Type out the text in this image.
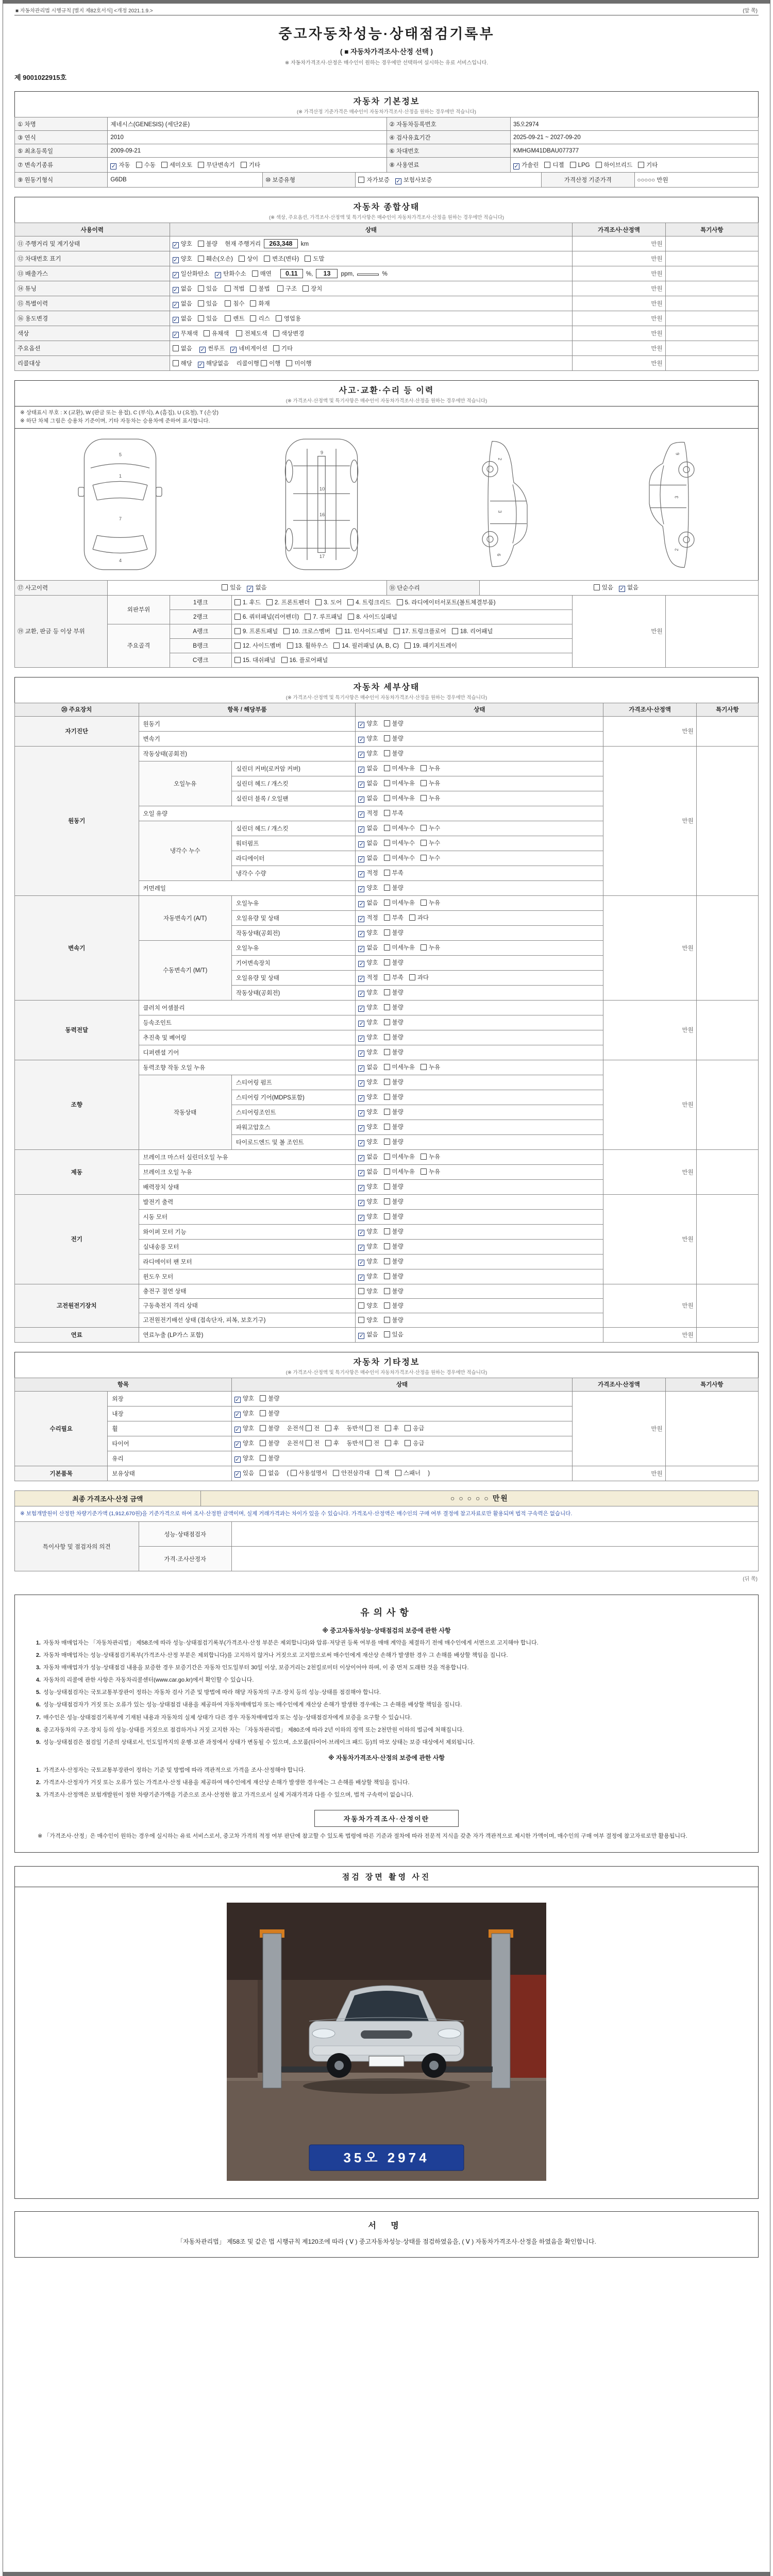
■ 자동차관리법 시행규칙 [별지 제82호서식] <개정 2021.1.9.>	(앞 쪽)
중고자동차성능·상태점검기록부
( ■ 자동차가격조사·산정 선택 )
※ 자동차가격조사·산정은 매수인이 원하는 경우에만 선택하여 실시하는 유료 서비스입니다.
제 9001022915호
자동차 기본정보
(※ 가격산정 기준가격은 매수인이 자동차가격조사·산정을 원하는 경우에만 적습니다)
① 차명	제네시스(GENESIS) (세단2륜)			② 자동차등록번호	35오2974		
③ 연식	2010			④ 검사유효기간	2025-09-21 ~ 2027-09-20		
⑤ 최초등록일	2009-09-21			⑥ 차대번호	KMHGM41DBAU077377		
⑦ 변속기종류	✓ 자동 수동 세미오토 무단변속기 기타			⑧ 사용연료	✓ 가솔린 디젤 LPG 하이브리드 기타		
⑨ 원동기형식	G6DB	⑩ 보증유형	자가보증 ✓ 보험사보증			가격산정 기준가격	○○○○○ 만원
자동차 종합상태
(※ 색상, 주요옵션, 가격조사·산정액 및 특기사항은 매수인이 자동차가격조사·산정을 원하는 경우에만 적습니다)
사용이력	상태	가격조사·산정액	특기사항
⑪ 주행거리 및 계기상태	✓ 양호 불량 현재 주행거리 263,348 km	만원	
⑫ 차대번호 표기	✓ 양호 훼손(오손) 상이 변조(변타) 도말	만원	
⑬ 배출가스	✓ 일산화탄소 ✓ 탄화수소 매연 0.11 %, 13 ppm, %	만원	
⑭ 튜닝	✓ 없음 있음 적법 불법 구조 장치	만원	
⑮ 특별이력	✓ 없음 있음 침수 화재	만원	
⑯ 용도변경	✓ 없음 있음 렌트 리스 영업용	만원	
색상	✓ 무채색 유채색 전체도색 색상변경	만원	
주요옵션	없음 ✓ 썬루프 ✓ 네비게이션 기타	만원	
리콜대상	해당 ✓ 해당없음 리콜이행 이행 미이행	만원	
사고·교환·수리 등 이력
(※ 가격조사·산정액 및 특기사항은 매수인이 자동차가격조사·산정을 원하는 경우에만 적습니다)
※ 상태표시 부호 : X (교환), W (판금 또는 용접), C (부식), A (흠집), U (요철), T (손상)
※ 하단 차체 그림은 승용차 기준이며, 기타 자동차는 승용차에 준하여 표시합니다.
5
1
7
4
9
10
16
17
2
3
6
2
3
6
⑰ 사고이력	있음 ✓ 없음			⑱ 단순수리	있음 ✓ 없음		
⑲ 교환, 판금 등 이상 부위	외판부위	1랭크	1. 후드 2. 프론트펜더 3. 도어 4. 트렁크리드 5. 라디에이터서포트(볼트체결부품)			만원	
		2랭크	6. 쿼터패널(리어펜더) 7. 루프패널 8. 사이드실패널				
	주요골격	A랭크	9. 프론트패널 10. 크로스멤버 11. 인사이드패널 17. 트렁크플로어 18. 리어패널				
		B랭크	12. 사이드멤버 13. 휠하우스 14. 필러패널 (A, B, C) 19. 패키지트레이				
		C랭크	15. 대쉬패널 16. 플로어패널				
자동차 세부상태
(※ 가격조사·산정액 및 특기사항은 매수인이 자동차가격조사·산정을 원하는 경우에만 적습니다)
⑳ 주요장치	항목 / 해당부품		상태	가격조사·산정액	특기사항
자기진단	원동기		✓ 양호 불량	만원	
	변속기		✓ 양호 불량		
원동기	작동상태(공회전)		✓ 양호 불량	만원	
	오일누유	실린더 커버(로커암 커버)	✓ 없음 미세누유 누유		
		실린더 헤드 / 개스킷	✓ 없음 미세누유 누유		
		실린더 블록 / 오일팬	✓ 없음 미세누유 누유		
	오일 유량		✓ 적정 부족		
	냉각수 누수	실린더 헤드 / 개스킷	✓ 없음 미세누수 누수		
		워터펌프	✓ 없음 미세누수 누수		
		라디에이터	✓ 없음 미세누수 누수		
		냉각수 수량	✓ 적정 부족		
	커먼레일		✓ 양호 불량		
변속기	자동변속기 (A/T)	오일누유	✓ 없음 미세누유 누유	만원	
		오일유량 및 상태	✓ 적정 부족 과다		
		작동상태(공회전)	✓ 양호 불량		
	수동변속기 (M/T)	오일누유	✓ 없음 미세누유 누유		
		기어변속장치	✓ 양호 불량		
		오일유량 및 상태	✓ 적정 부족 과다		
		작동상태(공회전)	✓ 양호 불량		
동력전달	클러치 어셈블리		✓ 양호 불량	만원	
	등속조인트		✓ 양호 불량		
	추진축 및 베어링		✓ 양호 불량		
	디퍼렌셜 기어		✓ 양호 불량		
조향	동력조향 작동 오일 누유		✓ 없음 미세누유 누유	만원	
	작동상태	스티어링 펌프	✓ 양호 불량		
		스티어링 기어(MDPS포함)	✓ 양호 불량		
		스티어링조인트	✓ 양호 불량		
		파워고압호스	✓ 양호 불량		
		타이로드엔드 및 볼 조인트	✓ 양호 불량		
제동	브레이크 마스터 실린더오일 누유		✓ 없음 미세누유 누유	만원	
	브레이크 오일 누유		✓ 없음 미세누유 누유		
	배력장치 상태		✓ 양호 불량		
전기	발전기 출력		✓ 양호 불량	만원	
	시동 모터		✓ 양호 불량		
	와이퍼 모터 기능		✓ 양호 불량		
	실내송풍 모터		✓ 양호 불량		
	라디에이터 팬 모터		✓ 양호 불량		
	윈도우 모터		✓ 양호 불량		
고전원전기장치	충전구 절연 상태		양호 불량	만원	
	구동축전지 격리 상태		양호 불량		
	고전원전기배선 상태 (접속단자, 피복, 보호기구)		양호 불량		
연료	연료누출 (LP가스 포함)		✓ 없음 있음	만원	
자동차 기타정보
(※ 가격조사·산정액 및 특기사항은 매수인이 자동차가격조사·산정을 원하는 경우에만 적습니다)
항목		상태	가격조사·산정액	특기사항
수리필요	외장	✓ 양호 불량	만원	
	내장	✓ 양호 불량		
	휠	✓ 양호 불량 운전석 전 후 동반석 전 후 응급		
	타이어	✓ 양호 불량 운전석 전 후 동반석 전 후 응급		
	유리	✓ 양호 불량		
기본품목	보유상태	✓ 있음 없음 ( 사용설명서 안전삼각대 잭 스패너 )	만원	
최종 가격조사·산정 금액		○ ○ ○ ○ ○ 만원	
※ 보험개발원이 산정한 차량기준가액 (1,912,670원)을 기준가격으로 하여 조사·산정한 금액이며, 실제 거래가격과는 차이가 있을 수 있습니다. 가격조사·산정액은 매수인의 구매 여부 결정에 참고자료로만 활용되며 법적 구속력은 없습니다.			
특이사항 및 점검자의 의견	성능·상태점검자		
	가격·조사산정자		
(뒤 쪽)
유의사항
※ 중고자동차성능·상태점검의 보증에 관한 사항
1. 자동차 매매업자는 「자동차관리법」 제58조에 따라 성능·상태점검기록부(가격조사·산정 부분은 제외합니다)와 압류·저당권 등록 여부를 매매 계약을 체결하기 전에 매수인에게 서면으로 고지해야 합니다.
2. 자동차 매매업자는 성능·상태점검기록부(가격조사·산정 부분은 제외합니다)를 고지하지 않거나 거짓으로 고지함으로써 매수인에게 재산상 손해가 발생한 경우 그 손해를 배상할 책임을 집니다.
3. 자동차 매매업자가 성능·상태점검 내용을 보증한 경우 보증기간은 자동차 인도일부터 30일 이상, 보증거리는 2천킬로미터 이상이어야 하며, 이 중 먼저 도래한 것을 적용합니다.
4. 자동차의 리콜에 관한 사항은 자동차리콜센터(www.car.go.kr)에서 확인할 수 있습니다.
5. 성능·상태점검자는 국토교통부장관이 정하는 자동차 검사 기준 및 방법에 따라 해당 자동차의 구조·장치 등의 성능·상태를 점검해야 합니다.
6. 성능·상태점검자가 거짓 또는 오류가 있는 성능·상태점검 내용을 제공하여 자동차매매업자 또는 매수인에게 재산상 손해가 발생한 경우에는 그 손해를 배상할 책임을 집니다.
7. 매수인은 성능·상태점검기록부에 기재된 내용과 자동차의 실제 상태가 다른 경우 자동차매매업자 또는 성능·상태점검자에게 보증을 요구할 수 있습니다.
8. 중고자동차의 구조·장치 등의 성능·상태를 거짓으로 점검하거나 거짓 고지한 자는 「자동차관리법」 제80조에 따라 2년 이하의 징역 또는 2천만원 이하의 벌금에 처해집니다.
9. 성능·상태점검은 점검일 기준의 상태로서, 인도일까지의 운행·보관 과정에서 상태가 변동될 수 있으며, 소모품(타이어·브레이크 패드 등)의 마모 상태는 보증 대상에서 제외됩니다.
※ 자동차가격조사·산정의 보증에 관한 사항
1. 가격조사·산정자는 국토교통부장관이 정하는 기준 및 방법에 따라 객관적으로 가격을 조사·산정해야 합니다.
2. 가격조사·산정자가 거짓 또는 오류가 있는 가격조사·산정 내용을 제공하여 매수인에게 재산상 손해가 발생한 경우에는 그 손해를 배상할 책임을 집니다.
3. 가격조사·산정액은 보험개발원이 정한 차량기준가액을 기준으로 조사·산정한 참고 가격으로서 실제 거래가격과 다를 수 있으며, 법적 구속력이 없습니다.
자동차가격조사·산정이란
※ 「가격조사·산정」은 매수인이 원하는 경우에 실시하는 유료 서비스로서, 중고차 가격의 적정 여부 판단에 참고할 수 있도록 법령에 따른 기준과 절차에 따라 전문적 지식을 갖춘 자가 객관적으로 제시한 가액이며, 매수인의 구매 여부 결정에 참고자료로만 활용됩니다.
점검 장면 촬영 사진
35오 2974
서 명
「자동차관리법」 제58조 및 같은 법 시행규칙 제120조에 따라 ( Ⅴ ) 중고자동차성능·상태를 점검하였음을, ( Ⅴ ) 자동차가격조사·산정을 하였음을 확인합니다.
